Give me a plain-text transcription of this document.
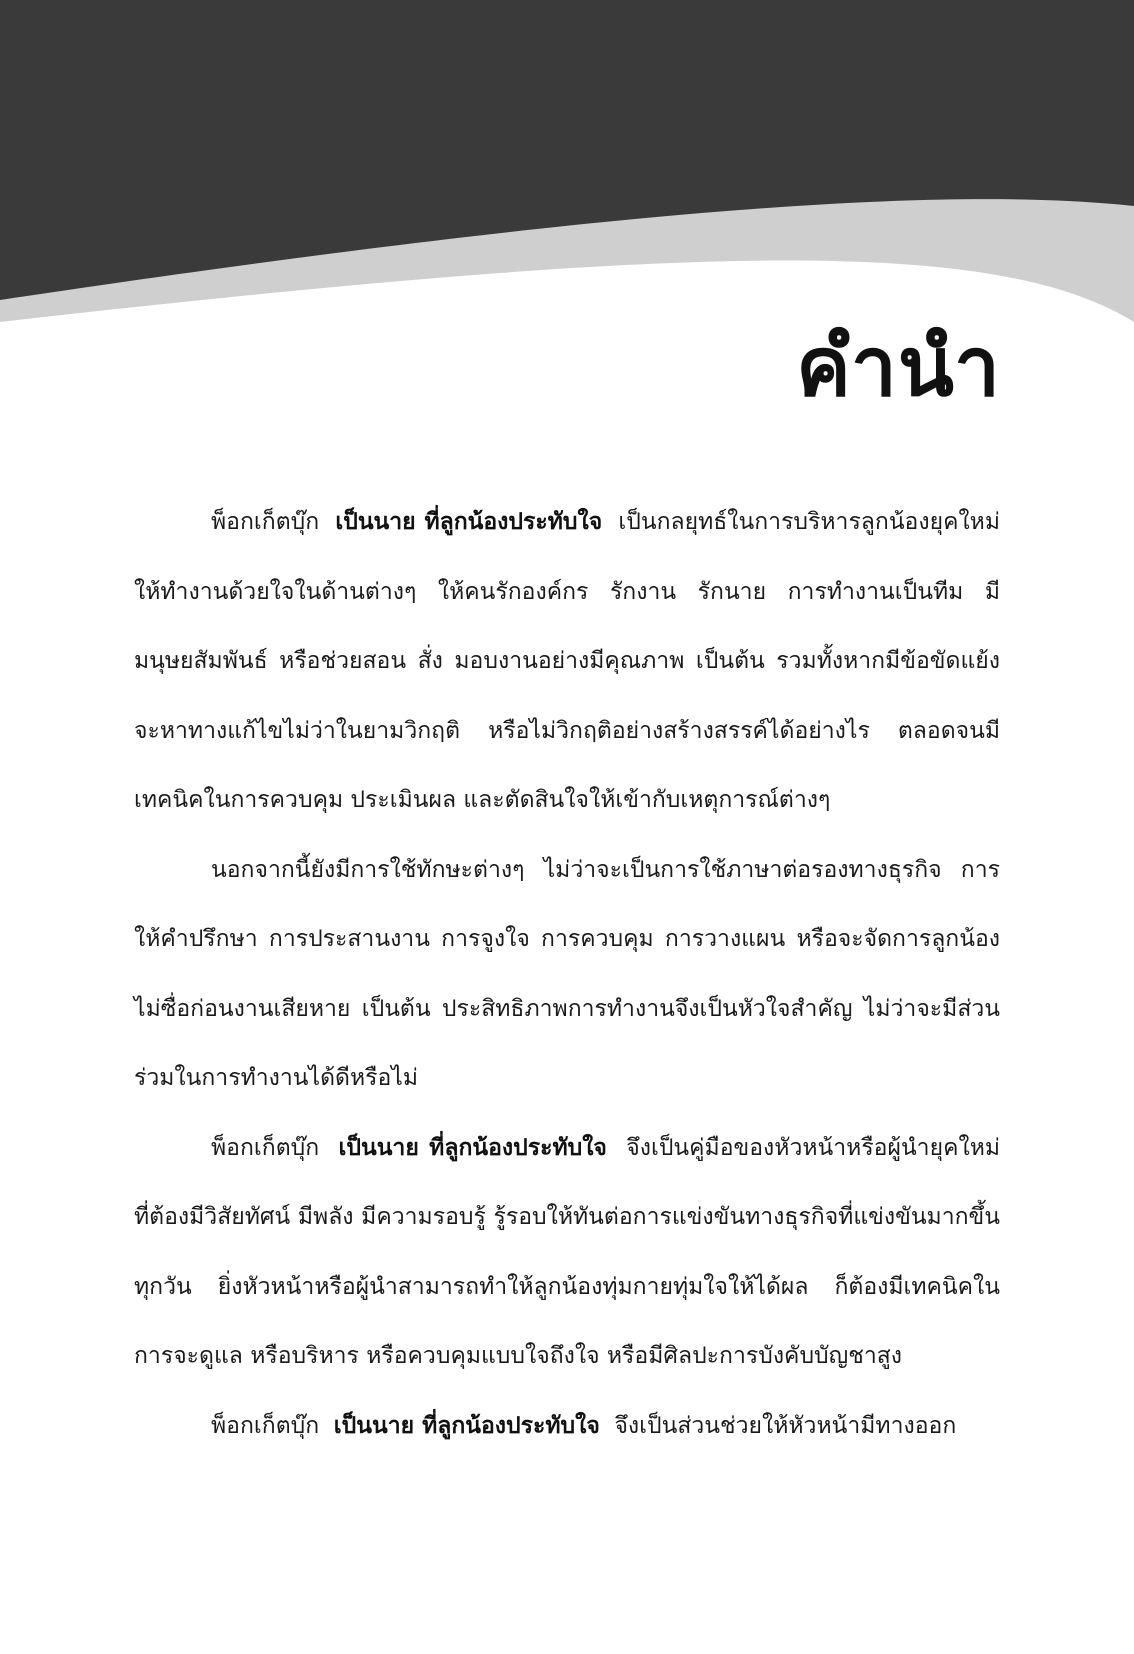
คำนำ

พ็อกเก็ตบุ๊ก เป็นนาย ที่ลูกน้องประทับใจ เป็นกลยุทธ์ในการบริหารลูกน้องยุคใหม่ให้ทำงานด้วยใจในด้านต่างๆ ให้คนรักองค์กร รักงาน รักนาย การทำงานเป็นทีม มีมนุษยสัมพันธ์ หรือช่วยสอน สั่ง มอบงานอย่างมีคุณภาพ เป็นต้น รวมทั้งหากมีข้อขัดแย้งจะหาทางแก้ไขไม่ว่าในยามวิกฤติ หรือไม่วิกฤติอย่างสร้างสรรค์ได้อย่างไร ตลอดจนมีเทคนิคในการควบคุม ประเมินผล และตัดสินใจให้เข้ากับเหตุการณ์ต่างๆ

นอกจากนี้ยังมีการใช้ทักษะต่างๆ ไม่ว่าจะเป็นการใช้ภาษาต่อรองทางธุรกิจ การให้คำปรึกษา การประสานงาน การจูงใจ การควบคุม การวางแผน หรือจะจัดการลูกน้องไม่ซื่อก่อนงานเสียหาย เป็นต้น ประสิทธิภาพการทำงานจึงเป็นหัวใจสำคัญ ไม่ว่าจะมีส่วนร่วมในการทำงานได้ดีหรือไม่

พ็อกเก็ตบุ๊ก เป็นนาย ที่ลูกน้องประทับใจ จึงเป็นคู่มือของหัวหน้าหรือผู้นำยุคใหม่ที่ต้องมีวิสัยทัศน์ มีพลัง มีความรอบรู้ รู้รอบให้ทันต่อการแข่งขันทางธุรกิจที่แข่งขันมากขึ้นทุกวัน ยิ่งหัวหน้าหรือผู้นำสามารถทำให้ลูกน้องทุ่มกายทุ่มใจให้ได้ผล ก็ต้องมีเทคนิคในการจะดูแล หรือบริหาร หรือควบคุมแบบใจถึงใจ หรือมีศิลปะการบังคับบัญชาสูง

พ็อกเก็ตบุ๊ก เป็นนาย ที่ลูกน้องประทับใจ จึงเป็นส่วนช่วยให้หัวหน้ามีทางออก
